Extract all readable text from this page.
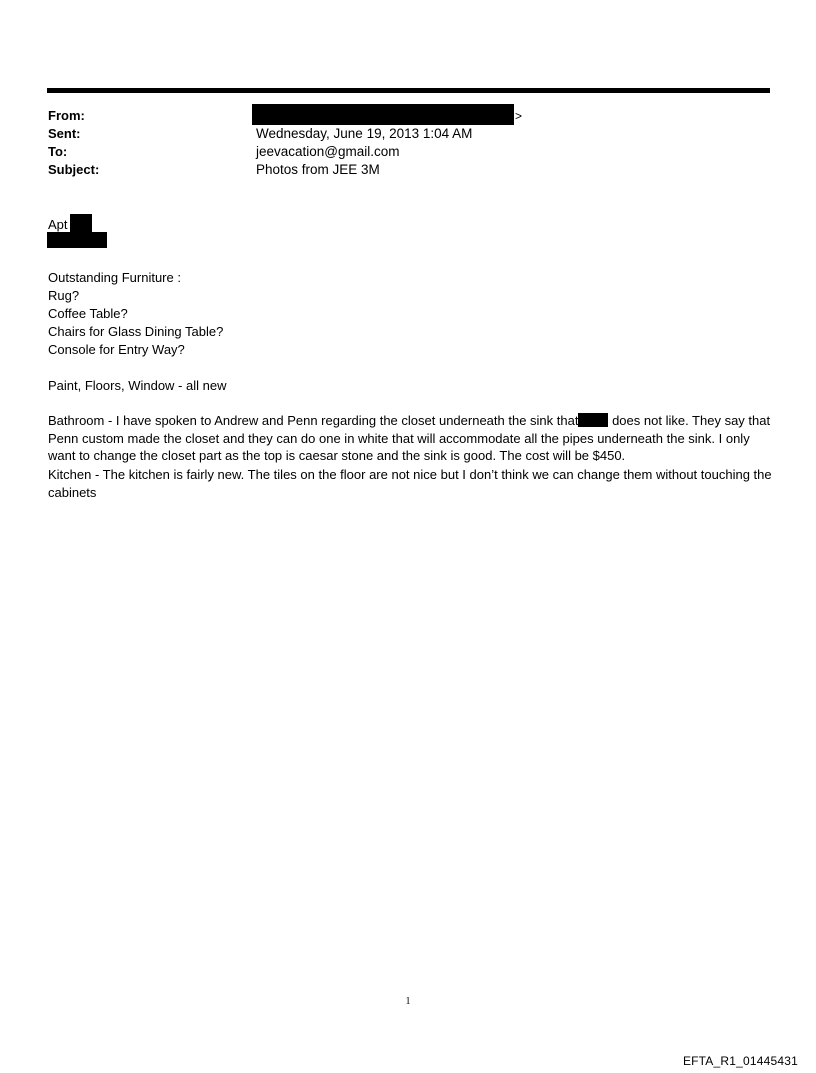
From:	>
Sent:	Wednesday, June 19, 2013 1:04 AM
To:	jeevacation@gmail.com
Subject:	Photos from JEE 3M
Apt
Outstanding Furniture :
Rug?
Coffee Table?
Chairs for Glass Dining Table?
Console for Entry Way?
Paint, Floors, Window - all new
Bathroom - I have spoken to Andrew and Penn regarding the closet underneath the sink that does not like. They say that Penn custom made the closet and they can do one in white that will accommodate all the pipes underneath the sink. I only want to change the closet part as the top is caesar stone and the sink is good. The cost will be $450.
Kitchen - The kitchen is fairly new. The tiles on the floor are not nice but I don’t think we can change them without touching the cabinets
1
EFTA_R1_01445431
